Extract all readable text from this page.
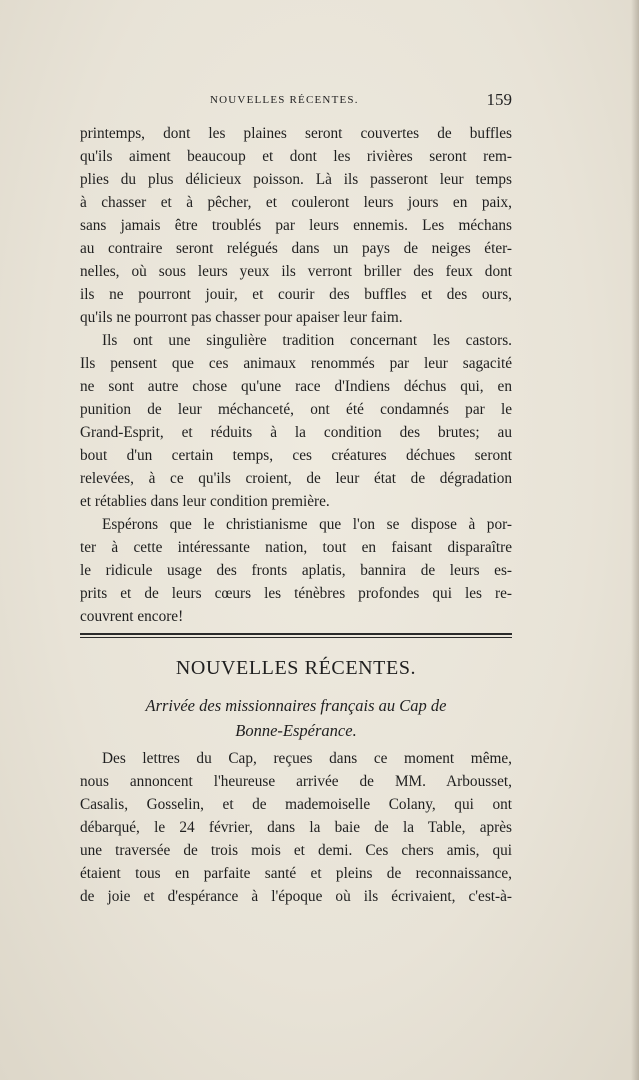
NOUVELLES RÉCENTES.	159
printemps, dont les plaines seront couvertes de buffles
qu'ils aiment beaucoup et dont les rivières seront rem-
plies du plus délicieux poisson. Là ils passeront leur temps
à chasser et à pêcher, et couleront leurs jours en paix,
sans jamais être troublés par leurs ennemis. Les méchans
au contraire seront relégués dans un pays de neiges éter-
nelles, où sous leurs yeux ils verront briller des feux dont
ils ne pourront jouir, et courir des buffles et des ours,
qu'ils ne pourront pas chasser pour apaiser leur faim.
Ils ont une singulière tradition concernant les castors.
Ils pensent que ces animaux renommés par leur sagacité
ne sont autre chose qu'une race d'Indiens déchus qui, en
punition de leur méchanceté, ont été condamnés par le
Grand-Esprit, et réduits à la condition des brutes; au
bout d'un certain temps, ces créatures déchues seront
relevées, à ce qu'ils croient, de leur état de dégradation
et rétablies dans leur condition première.
Espérons que le christianisme que l'on se dispose à por-
ter à cette intéressante nation, tout en faisant disparaître
le ridicule usage des fronts aplatis, bannira de leurs es-
prits et de leurs cœurs les ténèbres profondes qui les re-
couvrent encore!
NOUVELLES RÉCENTES.
Arrivée des missionnaires français au Cap de
Bonne-Espérance.
Des lettres du Cap, reçues dans ce moment même,
nous annoncent l'heureuse arrivée de MM. Arbousset,
Casalis, Gosselin, et de mademoiselle Colany, qui ont
débarqué, le 24 février, dans la baie de la Table, après
une traversée de trois mois et demi. Ces chers amis, qui
étaient tous en parfaite santé et pleins de reconnaissance,
de joie et d'espérance à l'époque où ils écrivaient, c'est-à-
